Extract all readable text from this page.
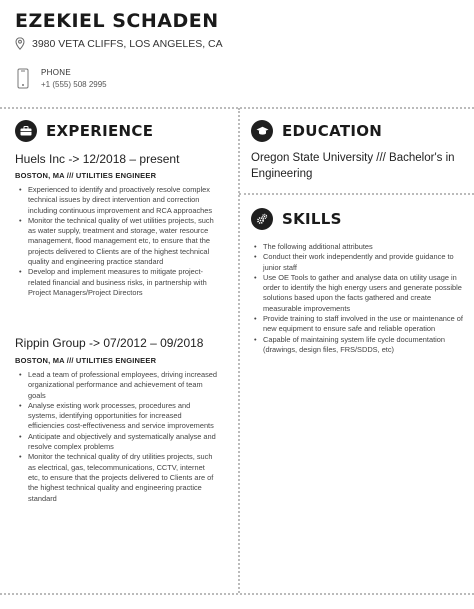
EZEKIEL SCHADEN
3980 VETA CLIFFS, LOS ANGELES, CA
PHONE
+1 (555) 508 2995
EXPERIENCE
Huels Inc -> 12/2018 – present
BOSTON, MA /// UTILITIES ENGINEER
• Experienced to identify and proactively resolve complex technical issues by direct intervention and correction including continuous improvement and RCA approaches
• Monitor the technical quality of wet utilities projects, such as water supply, treatment and storage, water resource management, flood management etc, to ensure that the projects delivered to Clients are of the highest technical quality and engineering practice standard
• Develop and implement measures to mitigate project-related financial and business risks, in partnership with Project Managers/Project Directors
Rippin Group -> 07/2012 – 09/2018
BOSTON, MA /// UTILITIES ENGINEER
• Lead a team of professional employees, driving increased organizational performance and achievement of team goals
• Analyse existing work processes, procedures and systems, identifying opportunities for increased efficiencies cost-effectiveness and service improvements
• Anticipate and objectively and systematically analyse and resolve complex problems
• Monitor the technical quality of dry utilities projects, such as electrical, gas, telecommunications, CCTV, internet etc, to ensure that the projects delivered to Clients are of the highest technical quality and engineering practice standard
EDUCATION
Oregon State University /// Bachelor's in Engineering
SKILLS
• The following additional attributes
• Conduct their work independently and provide guidance to junior staff
• Use OE Tools to gather and analyse data on utility usage in order to identify the high energy users and generate possible solutions based upon the facts gathered and create measurable improvements
• Provide training to staff involved in the use or maintenance of new equipment to ensure safe and reliable operation
• Capable of maintaining system life cycle documentation (drawings, design files, FRS/SDDS, etc)
